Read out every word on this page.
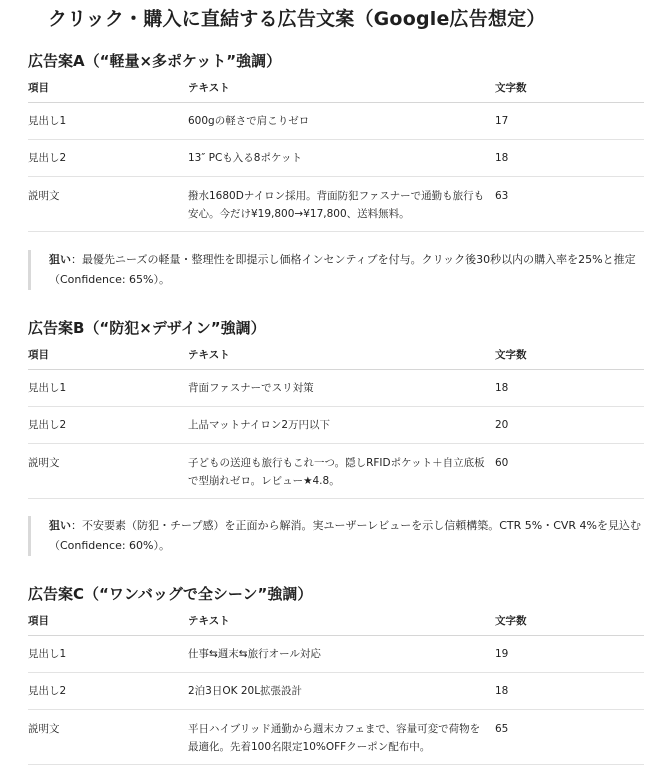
クリック・購入に直結する広告文案（Google広告想定）
広告案A（“軽量×多ポケット”強調）
項目	テキスト	文字数
見出し1	600gの軽さで肩こりゼロ	17
見出し2	13″ PCも入る8ポケット	18
説明文	撥水1680Dナイロン採用。背面防犯ファスナーで通勤も旅行も安心。今だけ¥19,800→¥17,800、送料無料。	63
狙い：最優先ニーズの軽量・整理性を即提示し価格インセンティブを付与。クリック後30秒以内の購入率を25%と推定（Confidence: 65%）。
広告案B（“防犯×デザイン”強調）
項目	テキスト	文字数
見出し1	背面ファスナーでスリ対策	18
見出し2	上品マットナイロン2万円以下	20
説明文	子どもの送迎も旅行もこれ一つ。隠しRFIDポケット＋自立底板で型崩れゼロ。レビュー★4.8。	60
狙い：不安要素（防犯・チープ感）を正面から解消。実ユーザーレビューを示し信頼構築。CTR 5%・CVR 4%を見込む（Confidence: 60%）。
広告案C（“ワンバッグで全シーン”強調）
項目	テキスト	文字数
見出し1	仕事⇆週末⇆旅行オール対応	19
見出し2	2泊3日OK 20L拡張設計	18
説明文	平日ハイブリッド通勤から週末カフェまで、容量可変で荷物を最適化。先着100名限定10%OFFクーポン配布中。	65
